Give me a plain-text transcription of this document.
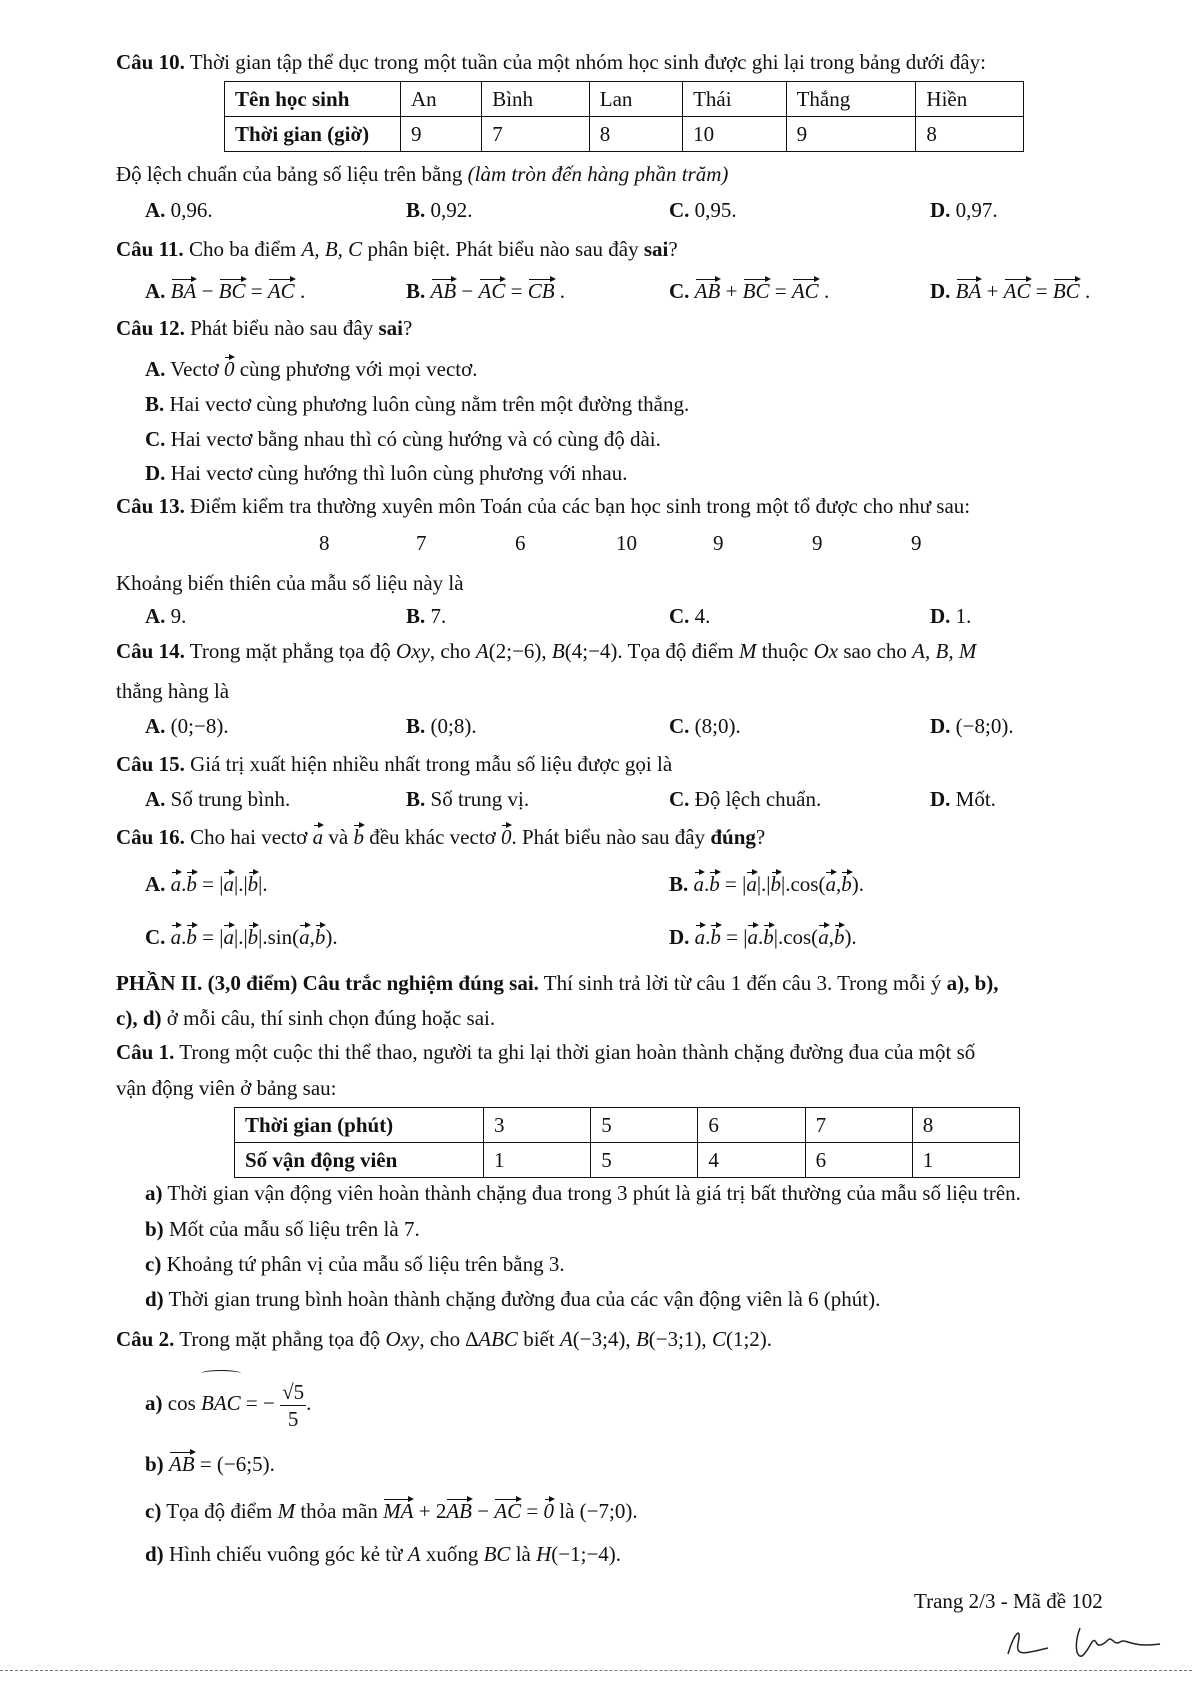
Câu 10. Thời gian tập thể dục trong một tuần của một nhóm học sinh được ghi lại trong bảng dưới đây:
Tên học sinh	An	Bình	Lan	Thái	Thắng	Hiền
Thời gian (giờ)	9	7	8	10	9	8
Độ lệch chuẩn của bảng số liệu trên bằng (làm tròn đến hàng phần trăm)
A. 0,96.	B. 0,92.	C. 0,95.	D. 0,97.
Câu 11. Cho ba điểm A, B, C phân biệt. Phát biểu nào sau đây sai?
A. BA − BC = AC .	B. AB − AC = CB .	C. AB + BC = AC .	D. BA + AC = BC .
Câu 12. Phát biểu nào sau đây sai?
A. Vectơ 0 cùng phương với mọi vectơ.
B. Hai vectơ cùng phương luôn cùng nằm trên một đường thẳng.
C. Hai vectơ bằng nhau thì có cùng hướng và có cùng độ dài.
D. Hai vectơ cùng hướng thì luôn cùng phương với nhau.
Câu 13. Điểm kiểm tra thường xuyên môn Toán của các bạn học sinh trong một tổ được cho như sau:
8	7	6	10	9	9	9
Khoảng biến thiên của mẫu số liệu này là
A. 9.	B. 7.	C. 4.	D. 1.
Câu 14. Trong mặt phẳng tọa độ Oxy, cho A(2;−6), B(4;−4). Tọa độ điểm M thuộc Ox sao cho A, B, M
thẳng hàng là
A. (0;−8).	B. (0;8).	C. (8;0).	D. (−8;0).
Câu 15. Giá trị xuất hiện nhiều nhất trong mẫu số liệu được gọi là
A. Số trung bình.	B. Số trung vị.	C. Độ lệch chuẩn.	D. Mốt.
Câu 16. Cho hai vectơ a và b đều khác vectơ 0. Phát biểu nào sau đây đúng?
A. a.b = |a|.|b|.	B. a.b = |a|.|b|.cos(a,b).
C. a.b = |a|.|b|.sin(a,b).	D. a.b = |a.b|.cos(a,b).
PHẦN II. (3,0 điểm) Câu trắc nghiệm đúng sai. Thí sinh trả lời từ câu 1 đến câu 3. Trong mỗi ý a), b),
c), d) ở mỗi câu, thí sinh chọn đúng hoặc sai.
Câu 1. Trong một cuộc thi thể thao, người ta ghi lại thời gian hoàn thành chặng đường đua của một số
vận động viên ở bảng sau:
Thời gian (phút)	3	5	6	7	8
Số vận động viên	1	5	4	6	1
a) Thời gian vận động viên hoàn thành chặng đua trong 3 phút là giá trị bất thường của mẫu số liệu trên.
b) Mốt của mẫu số liệu trên là 7.
c) Khoảng tứ phân vị của mẫu số liệu trên bằng 3.
d) Thời gian trung bình hoàn thành chặng đường đua của các vận động viên là 6 (phút).
Câu 2. Trong mặt phẳng tọa độ Oxy, cho ∆ABC biết A(−3;4), B(−3;1), C(1;2).
a) cos BAC = − $\frac{√5}{5}$ .
b) AB = (−6;5).
c) Tọa độ điểm M thỏa mãn MA + 2AB − AC = 0 là (−7;0).
d) Hình chiếu vuông góc kẻ từ A xuống BC là H(−1;−4).
Trang 2/3 - Mã đề 102
